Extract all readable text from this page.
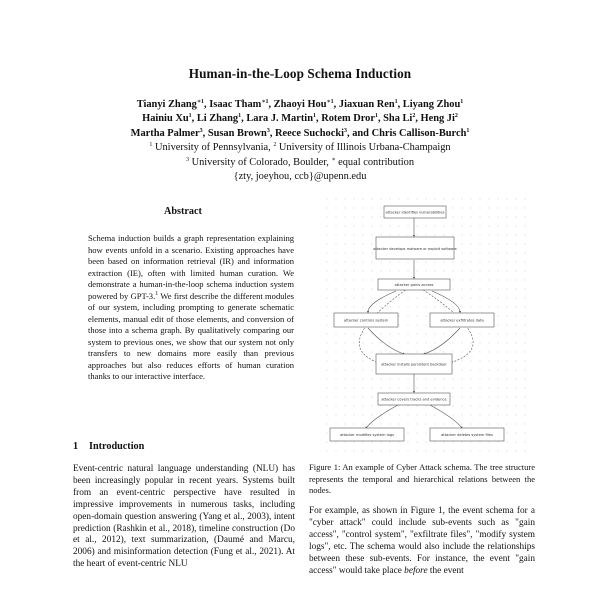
Human-in-the-Loop Schema Induction
Tianyi Zhang$^{∗1}$, Isaac Tham$^{∗1}$, Zhaoyi Hou$^{∗1}$, Jiaxuan Ren$^1$, Liyang Zhou$^1$
Hainiu Xu$^1$, Li Zhang$^1$, Lara J. Martin$^1$, Rotem Dror$^1$, Sha Li$^2$, Heng Ji$^2$
Martha Palmer$^3$, Susan Brown$^3$, Reece Suchocki$^3$, and Chris Callison-Burch$^1$
$^1$ University of Pennsylvania, $^2$ University of Illinois Urbana-Champaign
$^3$ University of Colorado, Boulder, ∗ equal contribution
{zty, joeyhou, ccb}@upenn.edu
Abstract
Schema induction builds a graph representation explaining how events unfold in a scenario. Existing approaches have been based on information retrieval (IR) and information extraction (IE), often with limited human curation. We demonstrate a human-in-the-loop schema induction system powered by GPT-3.$^1$ We first describe the different modules of our system, including prompting to generate schematic elements, manual edit of those elements, and conversion of those into a schema graph. By qualitatively comparing our system to previous ones, we show that our system not only transfers to new domains more easily than previous approaches but also reduces efforts of human curation thanks to our interactive interface.
1 Introduction
Event-centric natural language understanding (NLU) has been increasingly popular in recent years. Systems built from an event-centric perspective have resulted in impressive improvements in numerous tasks, including open-domain question answering (Yang et al., 2003), intent prediction (Rashkin et al., 2018), timeline construction (Do et al., 2012), text summarization, (Daumé and Marcu, 2006) and misinformation detection (Fung et al., 2021). At the heart of event-centric NLU
attacker identifies vulnerabilities
attacker develops malware or exploit software
attacker gains access
attacker controls system	attacker exfiltrates data
attacker installs persistent backdoor
attacker covers tracks and evidence
attacker modifies system logs	attacker deletes system files
Figure 1: An example of Cyber Attack schema. The tree structure represents the temporal and hierarchical relations between the nodes.
For example, as shown in Figure 1, the event schema for a "cyber attack" could include sub-events such as "gain access", "control system", "exfiltrate files", "modify system logs", etc. The schema would also include the relationships between these sub-events. For instance, the event "gain access" would take place before the event
